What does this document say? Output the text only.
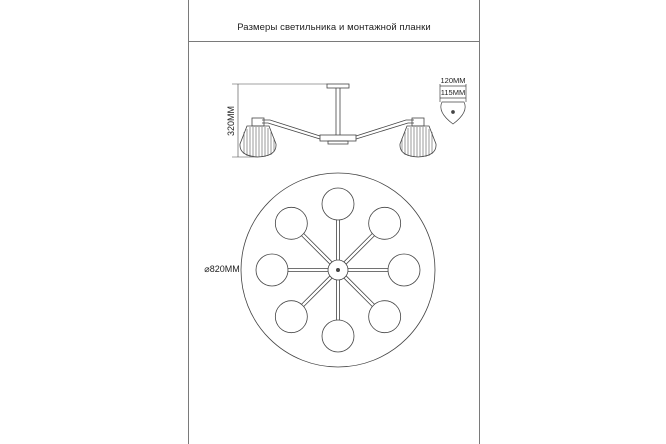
Размеры светильника и монтажной планки
320MM
120MM
115MM
⌀820MM
